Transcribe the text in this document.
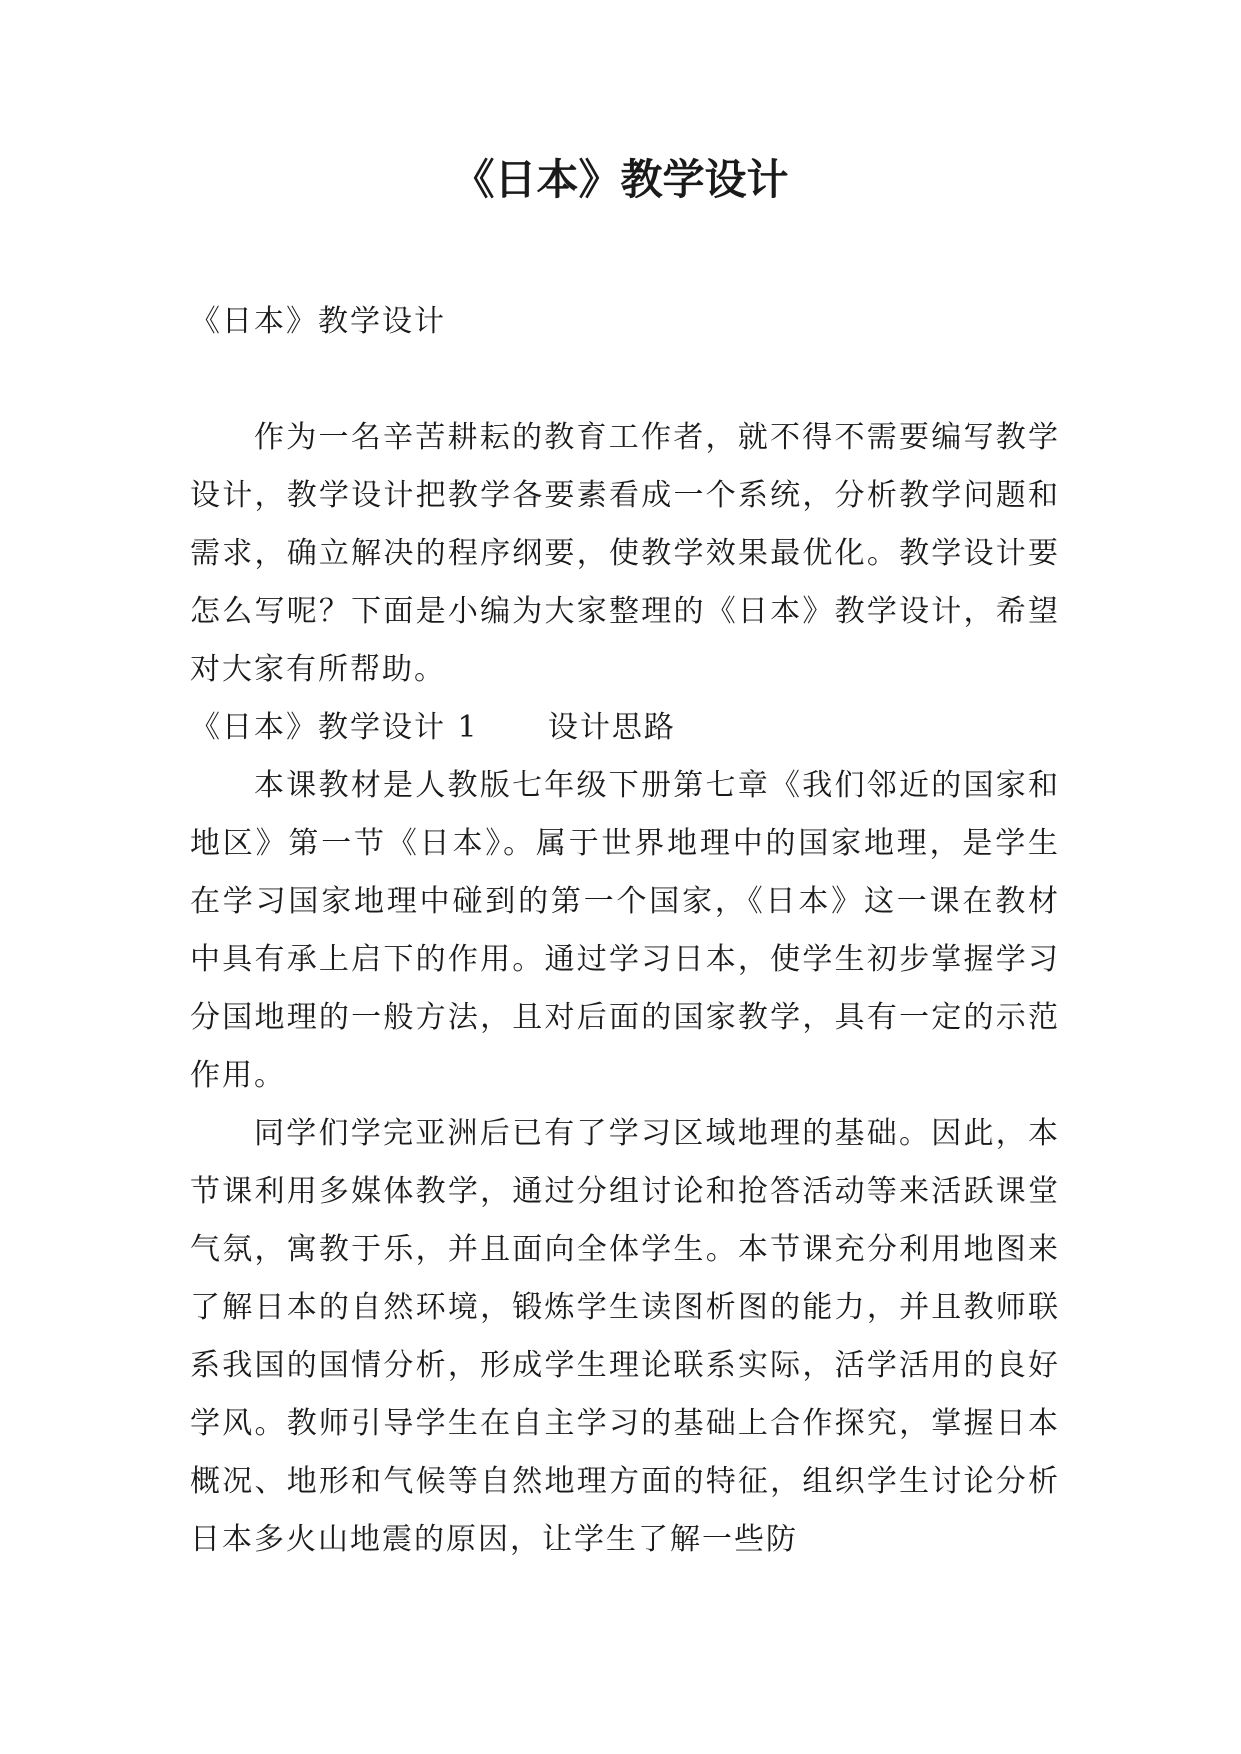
《日本》教学设计

《日本》教学设计

作为一名辛苦耕耘的教育工作者，就不得不需要编写教学设计，教学设计把教学各要素看成一个系统，分析教学问题和需求，确立解决的程序纲要，使教学效果最优化。教学设计要怎么写呢？下面是小编为大家整理的《日本》教学设计，希望对大家有所帮助。

《日本》教学设计 1 设计思路

本课教材是人教版七年级下册第七章《我们邻近的国家和地区》第一节《日本》。属于世界地理中的国家地理，是学生在学习国家地理中碰到的第一个国家，《日本》这一课在教材中具有承上启下的作用。通过学习日本，使学生初步掌握学习分国地理的一般方法，且对后面的国家教学，具有一定的示范作用。

同学们学完亚洲后已有了学习区域地理的基础。因此，本节课利用多媒体教学，通过分组讨论和抢答活动等来活跃课堂气氛，寓教于乐，并且面向全体学生。本节课充分利用地图来了解日本的自然环境，锻炼学生读图析图的能力，并且教师联系我国的国情分析，形成学生理论联系实际，活学活用的良好学风。教师引导学生在自主学习的基础上合作探究，掌握日本概况、地形和气候等自然地理方面的特征，组织学生讨论分析日本多火山地震的原因，让学生了解一些防
